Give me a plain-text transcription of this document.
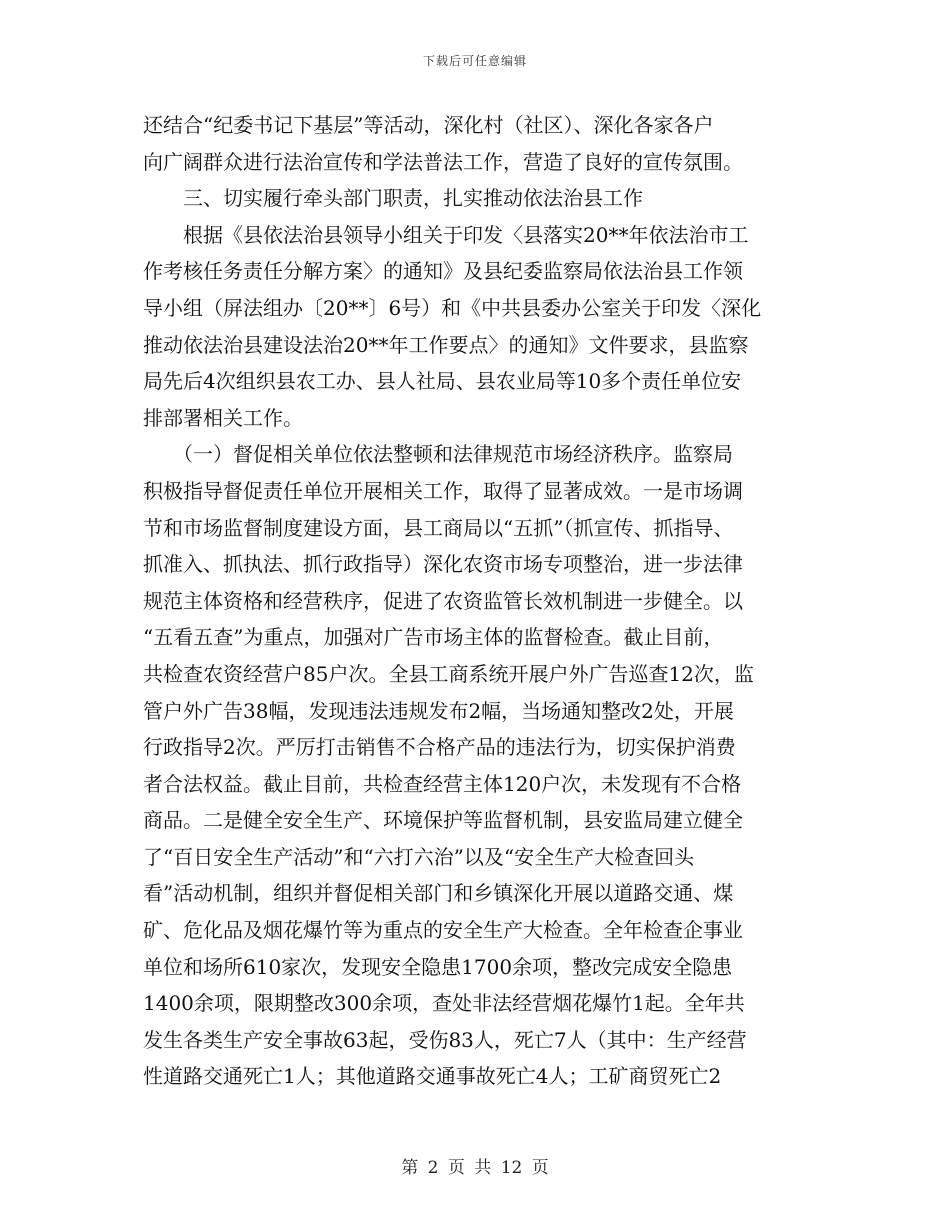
下载后可任意编辑
还结合“纪委书记下基层”等活动，深化村（社区）、深化各家各户
向广阔群众进行法治宣传和学法普法工作，营造了良好的宣传氛围。
　　三、切实履行牵头部门职责，扎实推动依法治县工作
　　根据《县依法治县领导小组关于印发〈县落实20**年依法治市工
作考核任务责任分解方案〉的通知》及县纪委监察局依法治县工作领
导小组（屏法组办〔20**〕6号）和《中共县委办公室关于印发〈深化
推动依法治县建设法治20**年工作要点〉的通知》文件要求，县监察
局先后4次组织县农工办、县人社局、县农业局等10多个责任单位安
排部署相关工作。
　　（一）督促相关单位依法整顿和法律规范市场经济秩序。监察局
积极指导督促责任单位开展相关工作，取得了显著成效。一是市场调
节和市场监督制度建设方面，县工商局以“五抓”（抓宣传、抓指导、
抓准入、抓执法、抓行政指导）深化农资市场专项整治，进一步法律
规范主体资格和经营秩序，促进了农资监管长效机制进一步健全。以
“五看五查”为重点，加强对广告市场主体的监督检查。截止目前，
共检查农资经营户85户次。全县工商系统开展户外广告巡查12次，监
管户外广告38幅，发现违法违规发布2幅，当场通知整改2处，开展
行政指导2次。严厉打击销售不合格产品的违法行为，切实保护消费
者合法权益。截止目前，共检查经营主体120户次，未发现有不合格
商品。二是健全安全生产、环境保护等监督机制，县安监局建立健全
了“百日安全生产活动”和“六打六治”以及“安全生产大检查回头
看”活动机制，组织并督促相关部门和乡镇深化开展以道路交通、煤
矿、危化品及烟花爆竹等为重点的安全生产大检查。全年检查企事业
单位和场所610家次，发现安全隐患1700余项，整改完成安全隐患
1400余项，限期整改300余项，查处非法经营烟花爆竹1起。全年共
发生各类生产安全事故63起，受伤83人，死亡7人（其中：生产经营
性道路交通死亡1人；其他道路交通事故死亡4人；工矿商贸死亡2
第 2 页 共 12 页
